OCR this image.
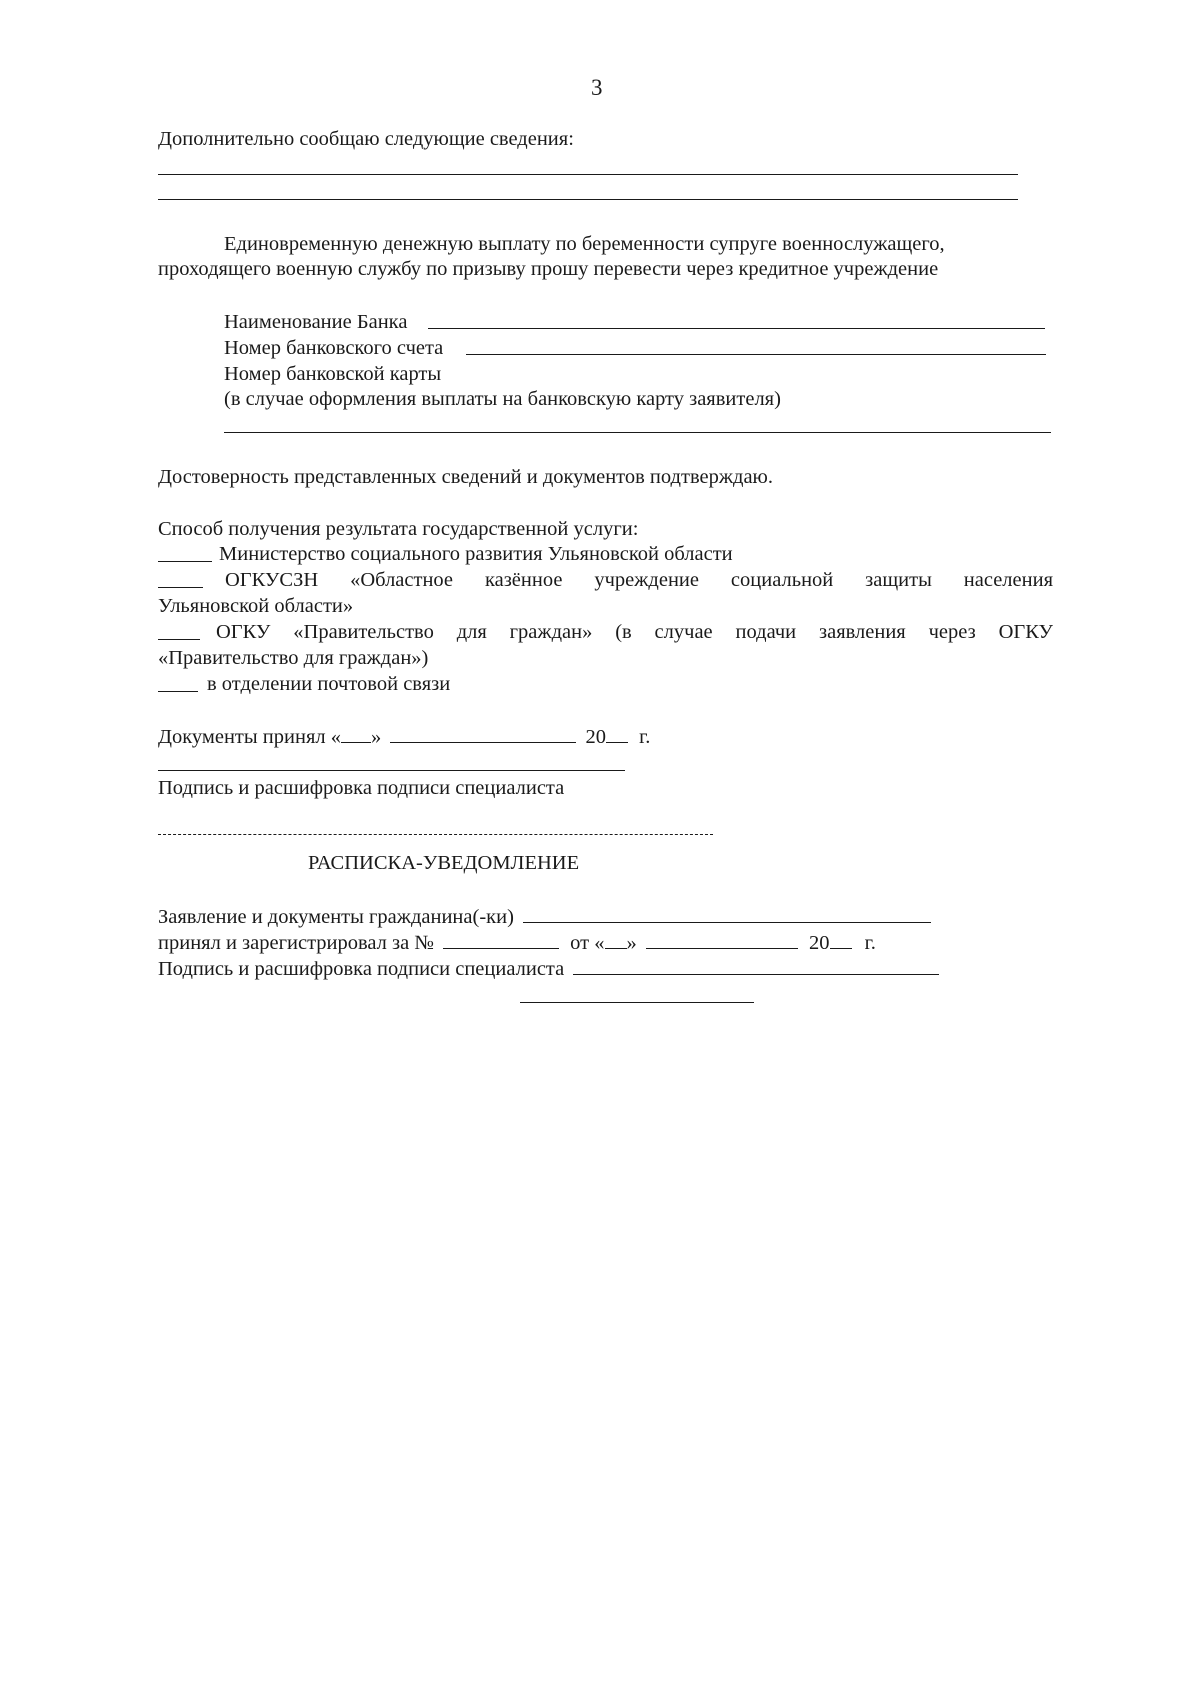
3
Дополнительно сообщаю следующие сведения:
Единовременную денежную выплату по беременности супруге военнослужащего,
проходящего военную службу по призыву прошу перевести через кредитное учреждение
Наименование Банка
Номер банковского счета
Номер банковской карты
(в случае оформления выплаты на банковскую карту заявителя)
Достоверность представленных сведений и документов подтверждаю.
Способ получения результата государственной услуги:
Министерство социального развития Ульяновской области
ОГКУСЗН «Областное казённое учреждение социальной защиты населения
Ульяновской области»
ОГКУ «Правительство для граждан» (в случае подачи заявления через ОГКУ
«Правительство для граждан»)
в отделении почтовой связи
Документы принял « »	20 г.
Подпись и расшифровка подписи специалиста
РАСПИСКА-УВЕДОМЛЕНИЕ
Заявление и документы гражданина(-ки)
принял и зарегистрировал за №	от « »	20 г.
Подпись и расшифровка подписи специалиста
